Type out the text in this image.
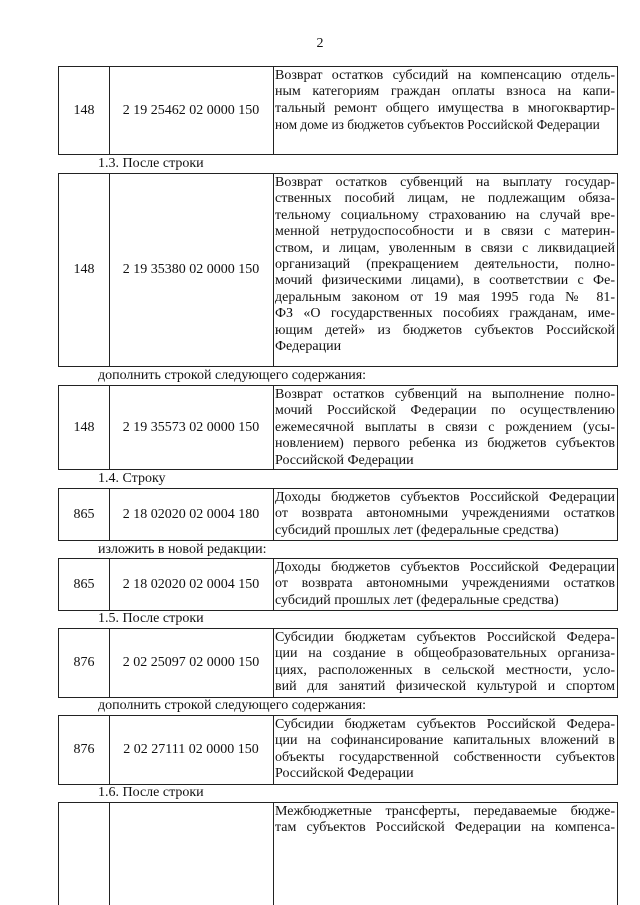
2
148	2 19 25462 02 0000 150
Возврат остатков субсидий на компенсацию отдель-
ным категориям граждан оплаты взноса на капи-
тальный ремонт общего имущества в многоквартир-
ном доме из бюджетов субъектов Российской Федерации
1.3. После строки
148	2 19 35380 02 0000 150
Возврат остатков субвенций на выплату государ-
ственных пособий лицам, не подлежащим обяза-
тельному социальному страхованию на случай вре-
менной нетрудоспособности и в связи с материн-
ством, и лицам, уволенным в связи с ликвидацией
организаций (прекращением деятельности, полно-
мочий физическими лицами), в соответствии с Фе-
деральным законом от 19 мая 1995 года № 81-
ФЗ «О государственных пособиях гражданам, име-
ющим детей» из бюджетов субъектов Российской
Федерации
дополнить строкой следующего содержания:
148	2 19 35573 02 0000 150
Возврат остатков субвенций на выполнение полно-
мочий Российской Федерации по осуществлению
ежемесячной выплаты в связи с рождением (усы-
новлением) первого ребенка из бюджетов субъектов
Российской Федерации
1.4. Строку
865	2 18 02020 02 0004 180
Доходы бюджетов субъектов Российской Федерации
от возврата автономными учреждениями остатков
субсидий прошлых лет (федеральные средства)
изложить в новой редакции:
865	2 18 02020 02 0004 150
Доходы бюджетов субъектов Российской Федерации
от возврата автономными учреждениями остатков
субсидий прошлых лет (федеральные средства)
1.5. После строки
876	2 02 25097 02 0000 150
Субсидии бюджетам субъектов Российской Федера-
ции на создание в общеобразовательных организа-
циях, расположенных в сельской местности, усло-
вий для занятий физической культурой и спортом
дополнить строкой следующего содержания:
876	2 02 27111 02 0000 150
Субсидии бюджетам субъектов Российской Федера-
ции на софинансирование капитальных вложений в
объекты государственной собственности субъектов
Российской Федерации
1.6. После строки
Межбюджетные трансферты, передаваемые бюдже-
там субъектов Российской Федерации на компенса-
